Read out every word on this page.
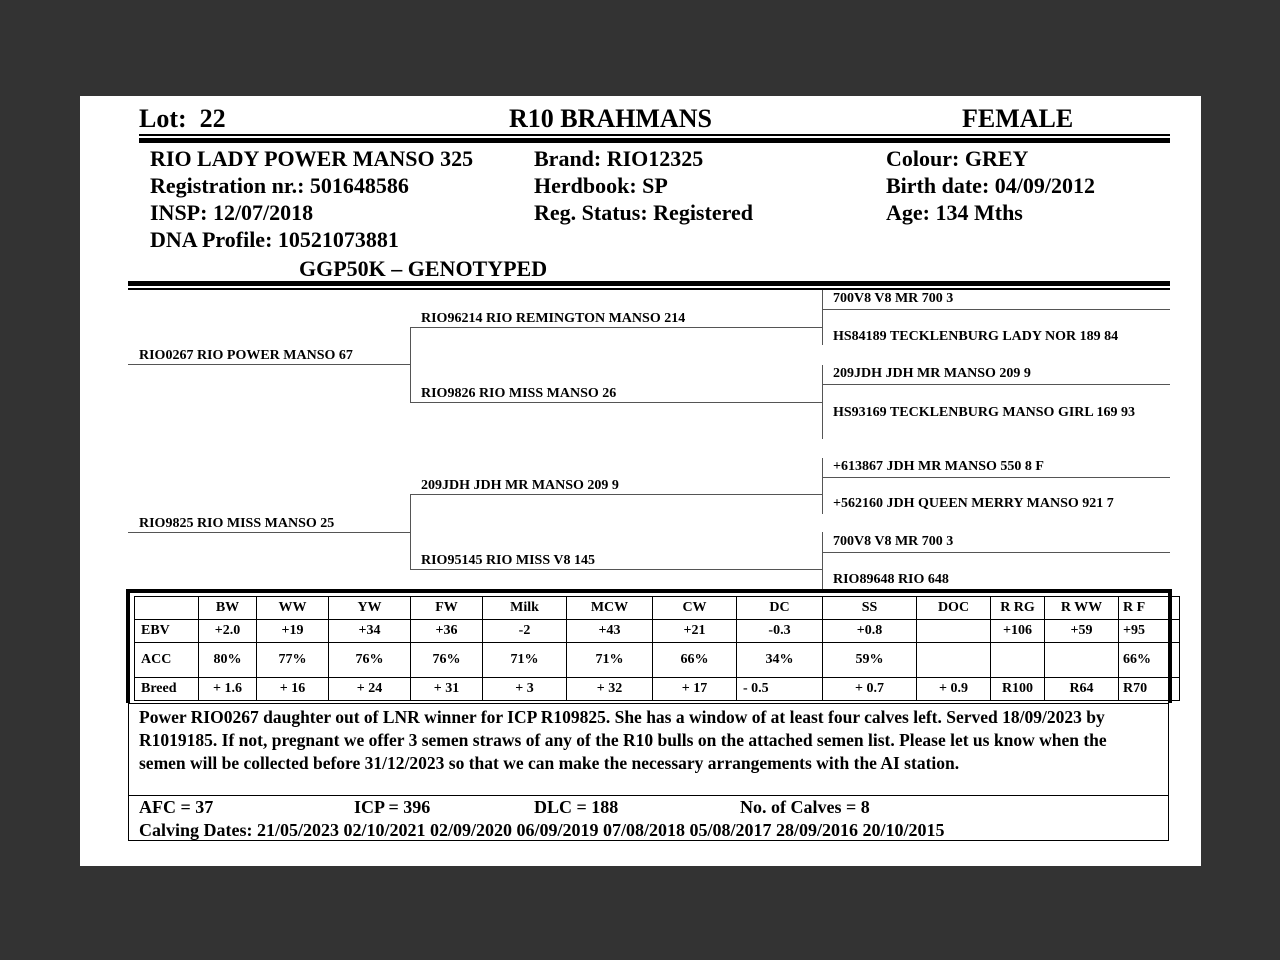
Lot: 22	R10 BRAHMANS	FEMALE
RIO LADY POWER MANSO 325
Registration nr.: 501648586
INSP: 12/07/2018
DNA Profile: 10521073881
GGP50K – GENOTYPED
Brand: RIO12325
Herdbook: SP
Reg. Status: Registered
Colour: GREY
Birth date: 04/09/2012
Age: 134 Mths
RIO0267 RIO POWER MANSO 67
RIO9825 RIO MISS MANSO 25
RIO96214 RIO REMINGTON MANSO 214
RIO9826 RIO MISS MANSO 26
209JDH JDH MR MANSO 209 9
RIO95145 RIO MISS V8 145
700V8 V8 MR 700 3
HS84189 TECKLENBURG LADY NOR 189 84
209JDH JDH MR MANSO 209 9
HS93169 TECKLENBURG MANSO GIRL 169 93
+613867 JDH MR MANSO 550 8 F
+562160 JDH QUEEN MERRY MANSO 921 7
700V8 V8 MR 700 3
RIO89648 RIO 648
	BW	WW	YW	FW	Milk	MCW	CW	DC	SS	DOC	R RG	R WW	R F
EBV	+2.0	+19	+34	+36	-2	+43	+21	-0.3	+0.8		+106	+59	+95
ACC	80%	77%	76%	76%	71%	71%	66%	34%	59%				66%
Breed	+ 1.6	+ 16	+ 24	+ 31	+ 3	+ 32	+ 17	- 0.5	+ 0.7	+ 0.9	R100	R64	R70
Power RIO0267 daughter out of LNR winner for ICP R109825. She has a window of at least four calves left. Served 18/09/2023 by R1019185. If not, pregnant we offer 3 semen straws of any of the R10 bulls on the attached semen list. Please let us know when the semen will be collected before 31/12/2023 so that we can make the necessary arrangements with the AI station.
AFC = 37	ICP = 396	DLC = 188	No. of Calves = 8
Calving Dates: 21/05/2023 02/10/2021 02/09/2020 06/09/2019 07/08/2018 05/08/2017 28/09/2016 20/10/2015
